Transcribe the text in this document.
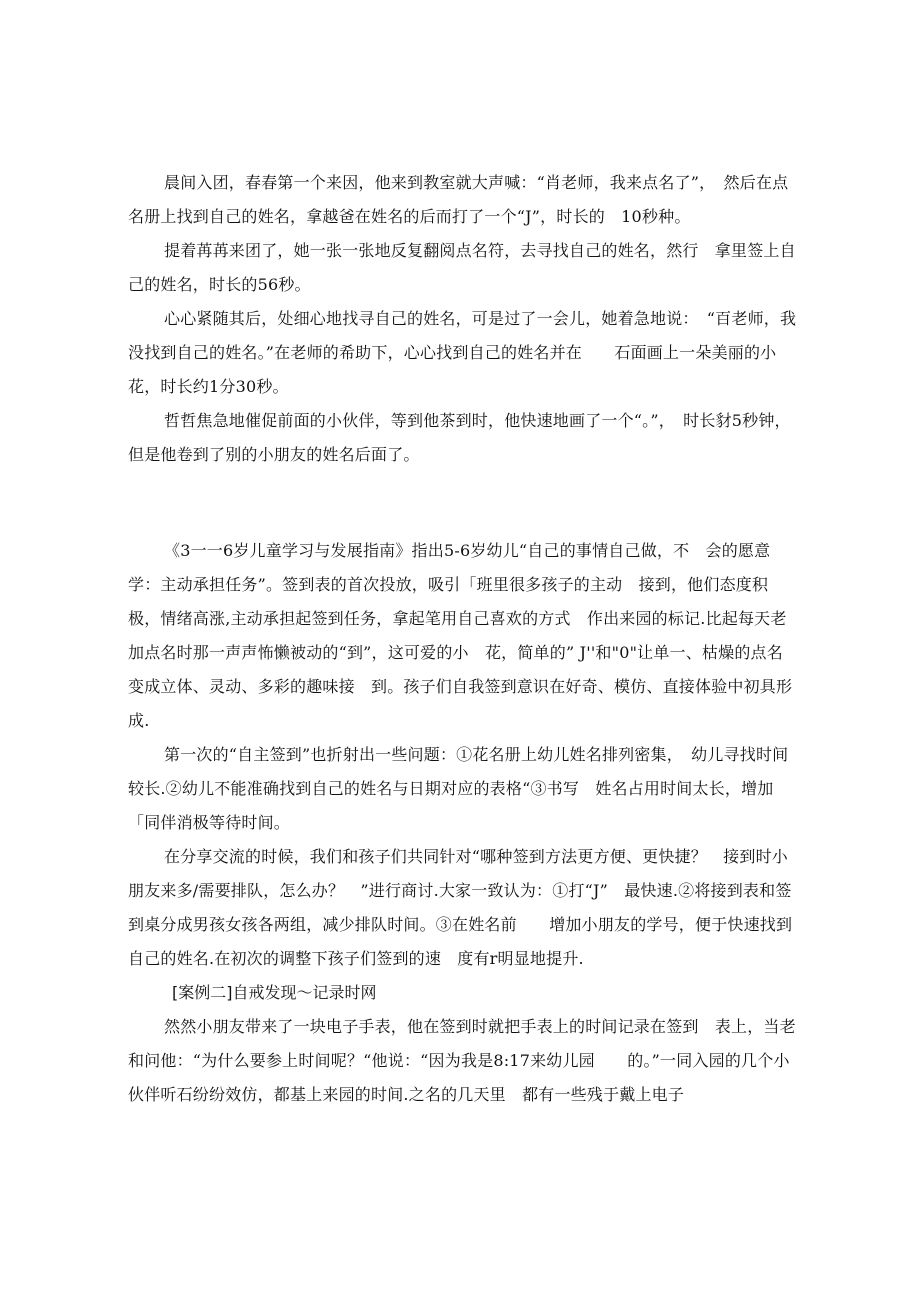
晨间入团，春春第一个来因，他来到教室就大声喊：“肖老师，我来点名了”，　然后在点名册上找到自己的姓名，拿越爸在姓名的后而打了一个“J”，时长的　10秒种。

提着苒苒来团了，她一张一张地反复翻阅点名符，去寻找自己的姓名，然行　拿里签上自己的姓名，时长的56秒。

心心紧随其后，处细心地找寻自己的姓名，可是过了一会儿，她着急地说：　“百老师，我没找到自己的姓名。”在老师的希助下，心心找到自己的姓名并在　　石面画上一朵美丽的小花，时长约1分30秒。

哲哲焦急地催促前面的小伙伴，等到他茶到时，他快速地画了一个“。”，　时长豺5秒钟，但是他卷到了别的小朋友的姓名后面了。

《3一一6岁儿童学习与发展指南》指出5-6岁幼儿“自己的事情自己做，不　会的愿意学：主动承担任务”。签到表的首次投放，吸引「班里很多孩子的主动　接到，他们态度积极，情绪高涨,主动承担起签到任务，拿起笔用自己喜欢的方式　作出来园的标记.比起每天老加点名时那一声声怖懒被动的“到”，这可爱的小　花，简单的” J''和"0"让单一、枯燥的点名变成立体、灵动、多彩的趣味接　到。孩子们自我签到意识在好奇、模仿、直接体验中初具形成.

第一次的“自主签到”也折射出一些问题：①花名册上幼儿姓名排列密集，　幼儿寻找时间较长.②幼儿不能准确找到自己的姓名与日期对应的表格“③书写　姓名占用时间太长，增加「同伴消极等待时间。

在分享交流的时候，我们和孩子们共同针对“哪种签到方法更方便、更快捷？　接到时小朋友来多/需要排队，怎么办？　”进行商讨.大家一致认为：①打“J”　最快速.②将接到表和签到桌分成男孩女孩各两组，减少排队时间。③在姓名前　　增加小朋友的学号，便于快速找到自己的姓名.在初次的调整下孩子们签到的速　度有r明显地提升.

[案例二]自戒发现〜记录时网

然然小朋友带来了一块电子手表，他在签到时就把手表上的时间记录在签到　表上，当老和问他：“为什么要参上时间呢？“他说：“因为我是8:17来幼儿园　　的。”一同入园的几个小伙伴听石纷纷效仿，都基上来园的时间.之名的几天里　都有一些残于戴上电子
